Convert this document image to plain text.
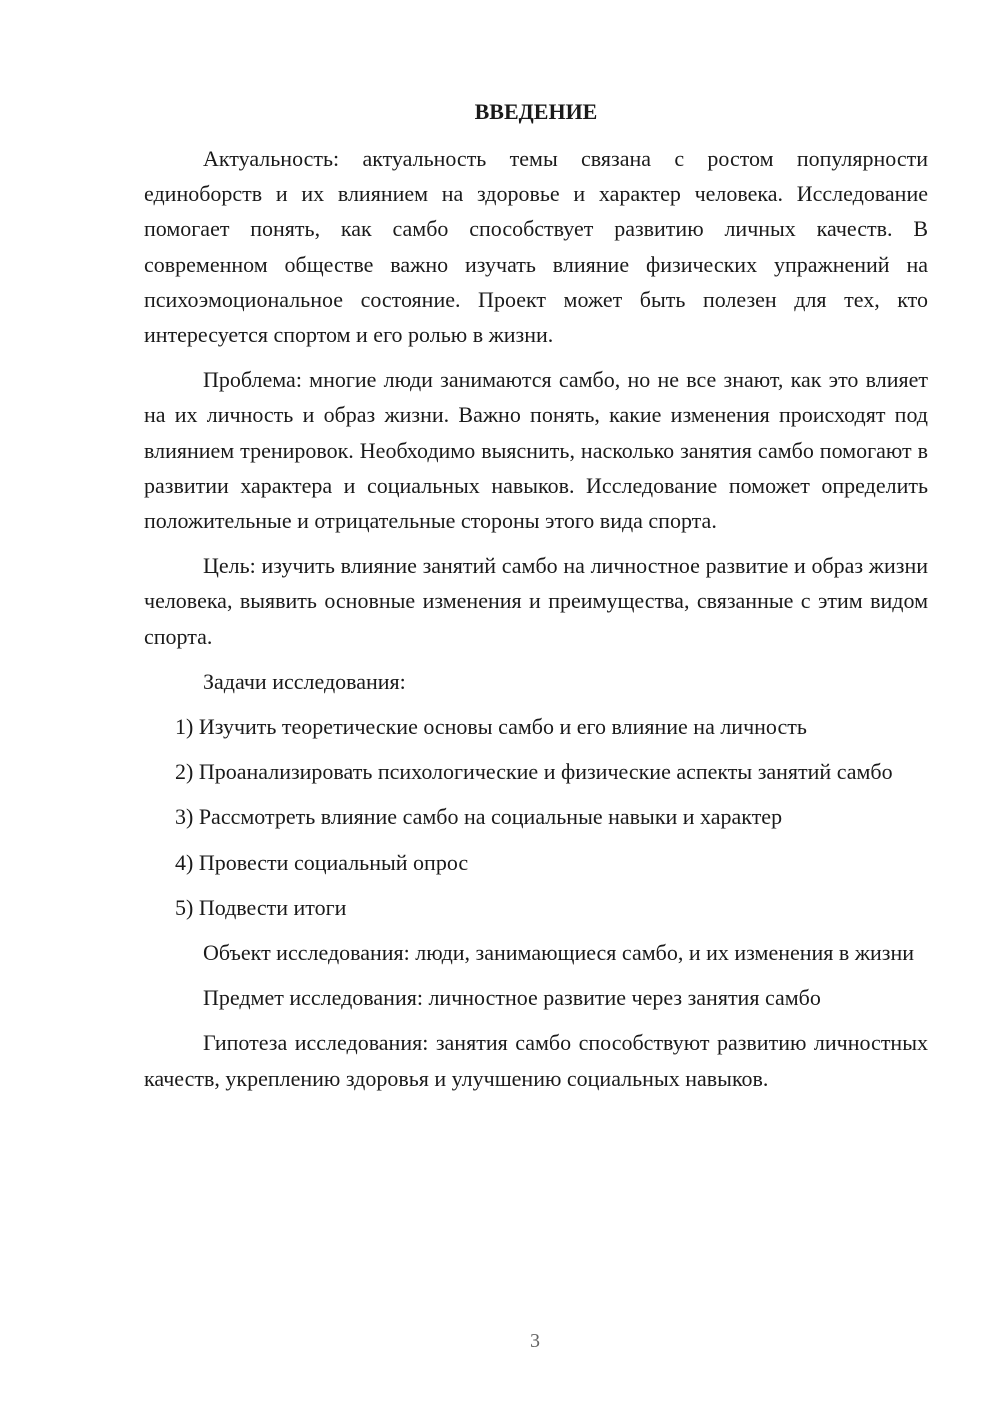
ВВЕДЕНИЕ

Актуальность: актуальность темы связана с ростом популярности единоборств и их влиянием на здоровье и характер человека. Исследование помогает понять, как самбо способствует развитию личных качеств. В современном обществе важно изучать влияние физических упражнений на психоэмоциональное состояние. Проект может быть полезен для тех, кто интересуется спортом и его ролью в жизни.

Проблема: многие люди занимаются самбо, но не все знают, как это влияет на их личность и образ жизни. Важно понять, какие изменения происходят под влиянием тренировок. Необходимо выяснить, насколько занятия самбо помогают в развитии характера и социальных навыков. Исследование поможет определить положительные и отрицательные стороны этого вида спорта.

Цель: изучить влияние занятий самбо на личностное развитие и образ жизни человека, выявить основные изменения и преимущества, связанные с этим видом спорта.

Задачи исследования:

1) Изучить теоретические основы самбо и его влияние на личность

2) Проанализировать психологические и физические аспекты занятий самбо

3) Рассмотреть влияние самбо на социальные навыки и характер

4) Провести социальный опрос

5) Подвести итоги

Объект исследования: люди, занимающиеся самбо, и их изменения в жизни

Предмет исследования: личностное развитие через занятия самбо

Гипотеза исследования: занятия самбо способствуют развитию личностных качеств, укреплению здоровья и улучшению социальных навыков.

3
